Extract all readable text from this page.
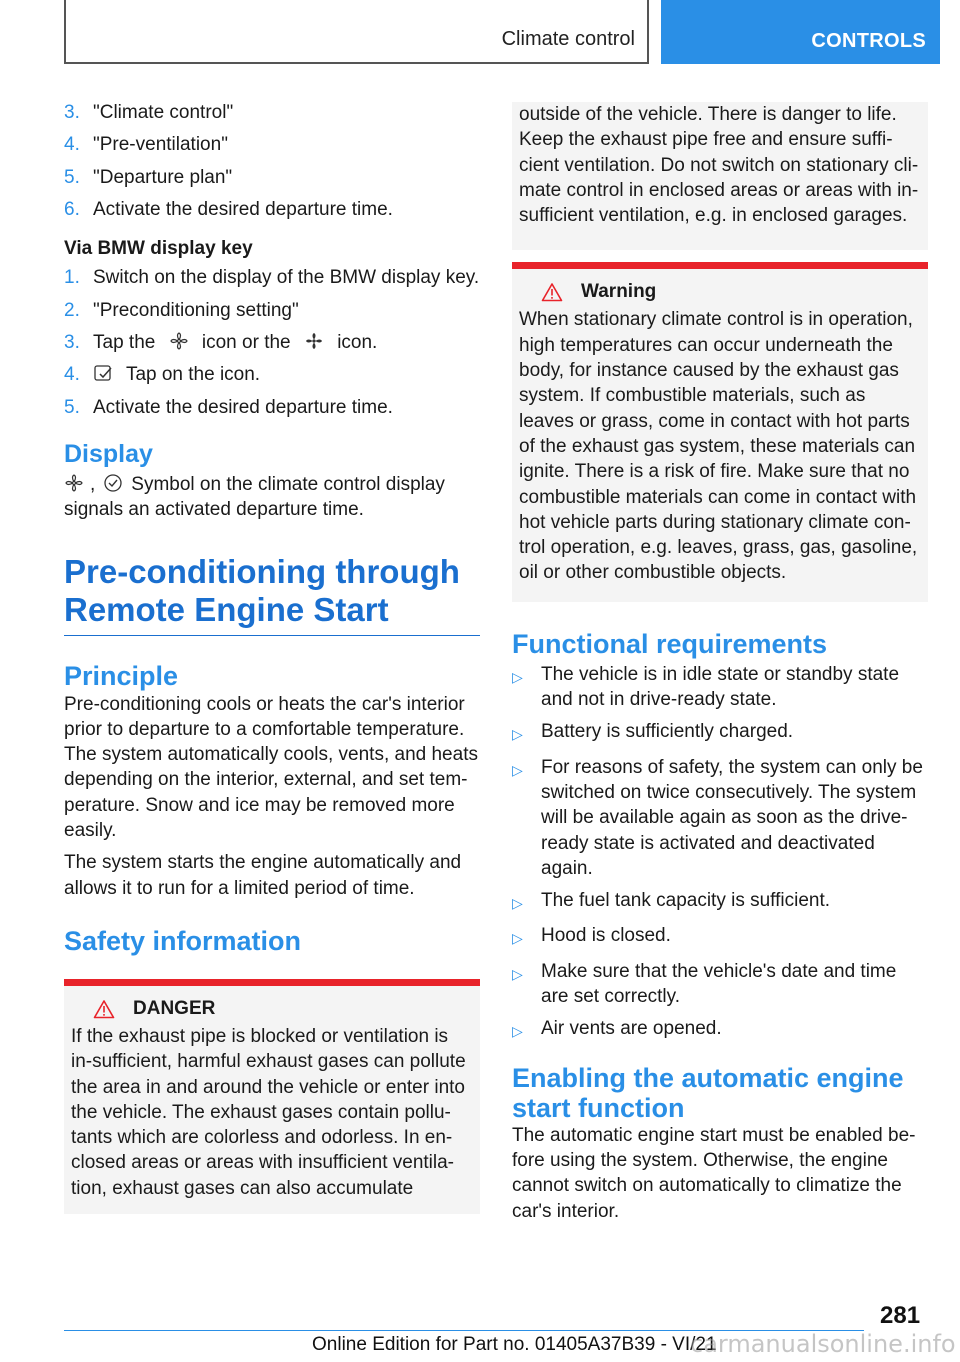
Climate control	CONTROLS
3. "Climate control"
4. "Pre-ventilation"
5. "Departure plan"
6. Activate the desired departure time.

Via BMW display key

1. Switch on the display of the BMW display key.
2. "Preconditioning setting"
3. Tap the icon or the icon.
4.	Tap on the icon.
5. Activate the desired departure time.
Display

, Symbol on the climate control display
signals an activated departure time.

Pre-conditioning through Remote Engine Start
Principle

Pre-conditioning cools or heats the car's interior prior to departure to a comfortable temperature. The system automatically cools, vents, and heats depending on the interior, external, and set tem-perature. Snow and ice may be removed more easily.

The system starts the engine automatically and allows it to run for a limited period of time.

Safety information
DANGER

If the exhaust pipe is blocked or ventilation is in-sufficient, harmful exhaust gases can pollute the area in and around the vehicle or enter into the vehicle. The exhaust gases contain pollu-tants which are colorless and odorless. In en-closed areas or areas with insufficient ventila-tion, exhaust gases can also accumulate

outside of the vehicle. There is danger to life. Keep the exhaust pipe free and ensure suffi-cient ventilation. Do not switch on stationary cli-mate control in enclosed areas or areas with in-sufficient ventilation, e.g. in enclosed garages.

Warning

When stationary climate control is in operation, high temperatures can occur underneath the body, for instance caused by the exhaust gas system. If combustible materials, such as leaves or grass, come in contact with hot parts of the exhaust gas system, these materials can ignite. There is a risk of fire. Make sure that no combustible materials can come in contact with hot vehicle parts during stationary climate con-trol operation, e.g. leaves, grass, gas, gasoline, oil or other combustible objects.

Functional requirements
▷ The vehicle is in idle state or standby state and not in drive-ready state.
▷ Battery is sufficiently charged.
▷ For reasons of safety, the system can only be switched on twice consecutively. The system will be available again as soon as the drive-ready state is activated and deactivated again.
▷ The fuel tank capacity is sufficient.
▷ Hood is closed.
▷ Make sure that the vehicle's date and time are set correctly.
▷ Air vents are opened.
Enabling the automatic engine start function

The automatic engine start must be enabled be-fore using the system. Otherwise, the engine cannot switch on automatically to climatize the car's interior.

281
Online Edition for Part no. 01405A37B39 - VI/21
carmanualsonline.info
